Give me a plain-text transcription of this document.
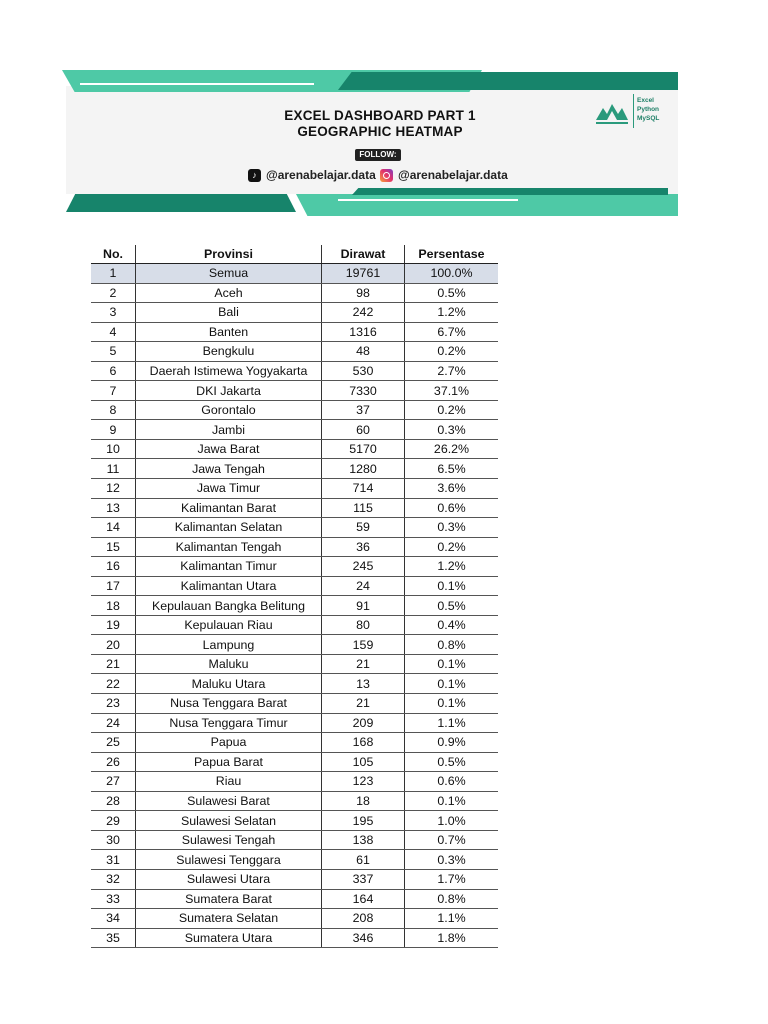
EXCEL DASHBOARD PART 1
GEOGRAPHIC HEATMAP
FOLLOW:
♪ @arenabelajar.data @arenabelajar.data
Excel
Python
MySQL
No.	Provinsi	Dirawat	Persentase
1	Semua	19761	100.0%
2	Aceh	98	0.5%
3	Bali	242	1.2%
4	Banten	1316	6.7%
5	Bengkulu	48	0.2%
6	Daerah Istimewa Yogyakarta	530	2.7%
7	DKI Jakarta	7330	37.1%
8	Gorontalo	37	0.2%
9	Jambi	60	0.3%
10	Jawa Barat	5170	26.2%
11	Jawa Tengah	1280	6.5%
12	Jawa Timur	714	3.6%
13	Kalimantan Barat	115	0.6%
14	Kalimantan Selatan	59	0.3%
15	Kalimantan Tengah	36	0.2%
16	Kalimantan Timur	245	1.2%
17	Kalimantan Utara	24	0.1%
18	Kepulauan Bangka Belitung	91	0.5%
19	Kepulauan Riau	80	0.4%
20	Lampung	159	0.8%
21	Maluku	21	0.1%
22	Maluku Utara	13	0.1%
23	Nusa Tenggara Barat	21	0.1%
24	Nusa Tenggara Timur	209	1.1%
25	Papua	168	0.9%
26	Papua Barat	105	0.5%
27	Riau	123	0.6%
28	Sulawesi Barat	18	0.1%
29	Sulawesi Selatan	195	1.0%
30	Sulawesi Tengah	138	0.7%
31	Sulawesi Tenggara	61	0.3%
32	Sulawesi Utara	337	1.7%
33	Sumatera Barat	164	0.8%
34	Sumatera Selatan	208	1.1%
35	Sumatera Utara	346	1.8%
